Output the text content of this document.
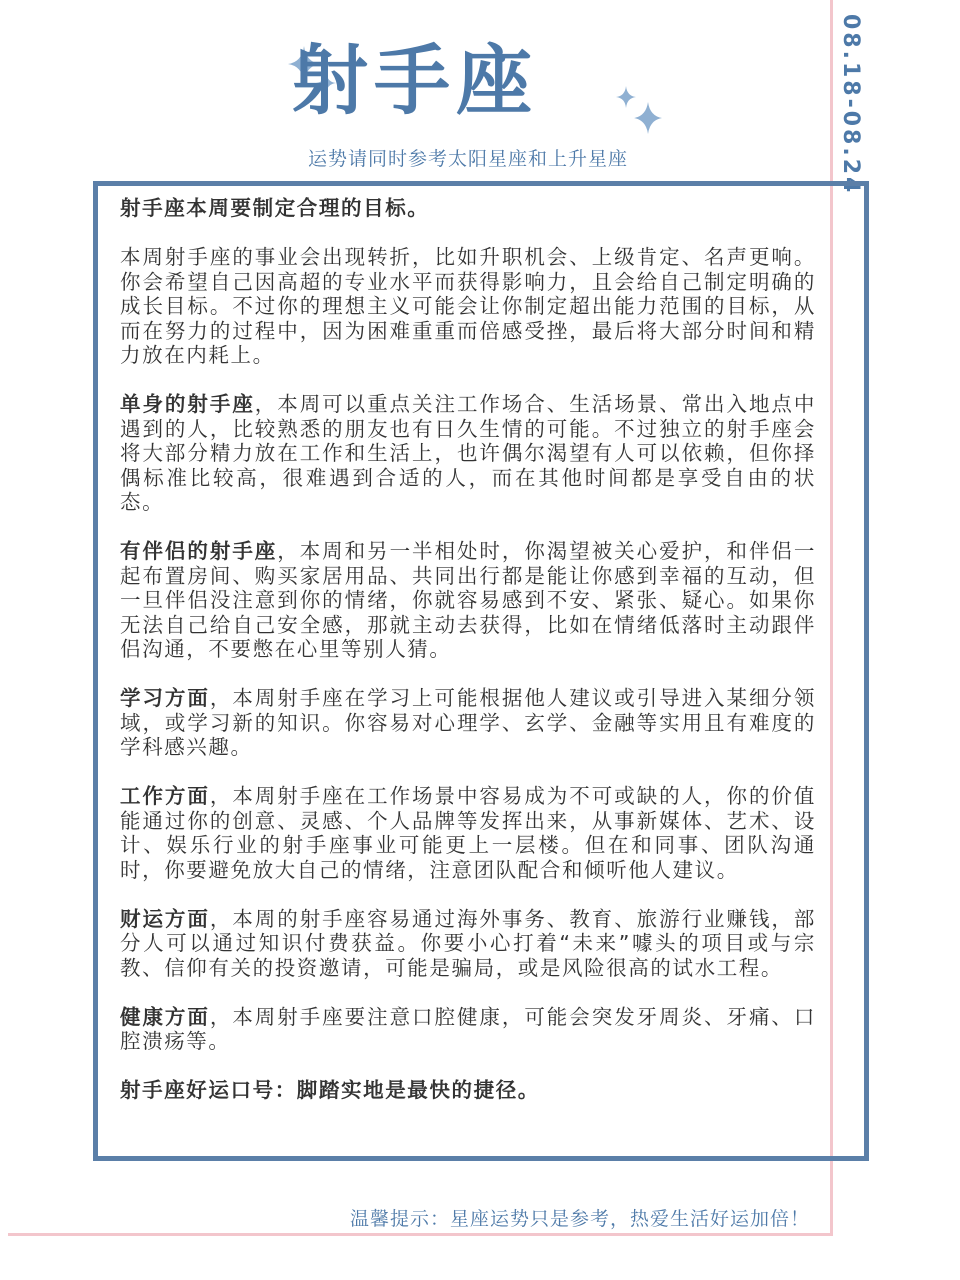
08.18-08.24
射手座
运势请同时参考太阳星座和上升星座

射手座本周要制定合理的目标。

本周射手座的事业会出现转折，比如升职机会、上级肯定、名声更响。你会希望自己因高超的专业水平而获得影响力，且会给自己制定明确的成长目标。不过你的理想主义可能会让你制定超出能力范围的目标，从而在努力的过程中，因为困难重重而倍感受挫，最后将大部分时间和精力放在内耗上。

单身的射手座，本周可以重点关注工作场合、生活场景、常出入地点中遇到的人，比较熟悉的朋友也有日久生情的可能。不过独立的射手座会将大部分精力放在工作和生活上，也许偶尔渴望有人可以依赖，但你择偶标准比较高，很难遇到合适的人，而在其他时间都是享受自由的状态。

有伴侣的射手座，本周和另一半相处时，你渴望被关心爱护，和伴侣一起布置房间、购买家居用品、共同出行都是能让你感到幸福的互动，但一旦伴侣没注意到你的情绪，你就容易感到不安、紧张、疑心。如果你无法自己给自己安全感，那就主动去获得，比如在情绪低落时主动跟伴侣沟通，不要憋在心里等别人猜。

学习方面，本周射手座在学习上可能根据他人建议或引导进入某细分领域，或学习新的知识。你容易对心理学、玄学、金融等实用且有难度的学科感兴趣。

工作方面，本周射手座在工作场景中容易成为不可或缺的人，你的价值能通过你的创意、灵感、个人品牌等发挥出来，从事新媒体、艺术、设计、娱乐行业的射手座事业可能更上一层楼。但在和同事、团队沟通时，你要避免放大自己的情绪，注意团队配合和倾听他人建议。

财运方面，本周的射手座容易通过海外事务、教育、旅游行业赚钱，部分人可以通过知识付费获益。你要小心打着“未来”噱头的项目或与宗教、信仰有关的投资邀请，可能是骗局，或是风险很高的试水工程。

健康方面，本周射手座要注意口腔健康，可能会突发牙周炎、牙痛、口腔溃疡等。

射手座好运口号：脚踏实地是最快的捷径。

温馨提示：星座运势只是参考，热爱生活好运加倍！
